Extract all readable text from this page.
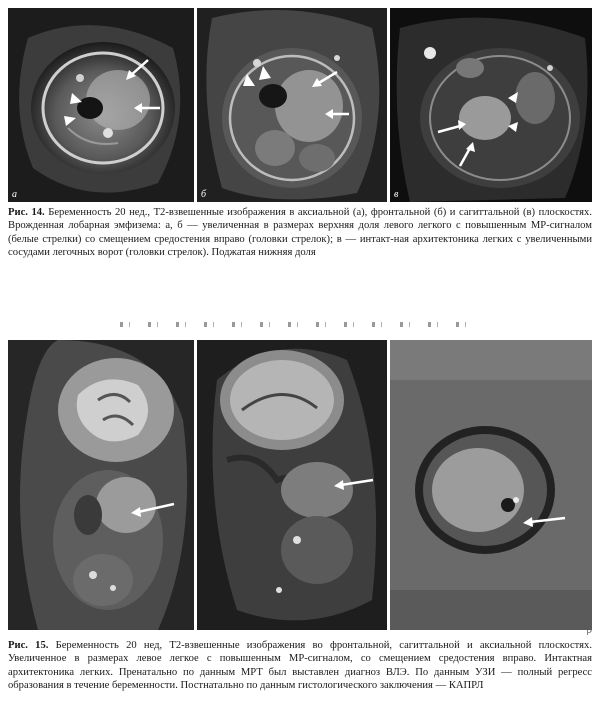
а	б	в

Рис. 14. Беременность 20 нед., Т2-взвешенные изображения в аксиальной (а), фронтальной (б) и сагиттальной (в) плоскостях. Врожденная лобарная эмфизема: а, б — увеличенная в размерах верхняя доля левого легкого с повышенным МР-сигналом (белые стрелки) со смещением средостения вправо (головки стрелок); в — интакт-ная архитектоника легких с увеличенными сосудами легочных ворот (головки стрелок). Поджатая нижняя доля

Р

Рис. 15. Беременность 20 нед, Т2-взвешенные изображения во фронтальной, сагиттальной и аксиальной плоскостях. Увеличенное в размерах левое легкое с повышенным МР-сигналом, со смещением средостения вправо. Интактная архитектоника легких. Пренатально по данным МРТ был выставлен диагноз ВЛЭ. По данным УЗИ — полный регресс образования в течение беременности. Постнатально по данным гистологического заключения — КАПРЛ
